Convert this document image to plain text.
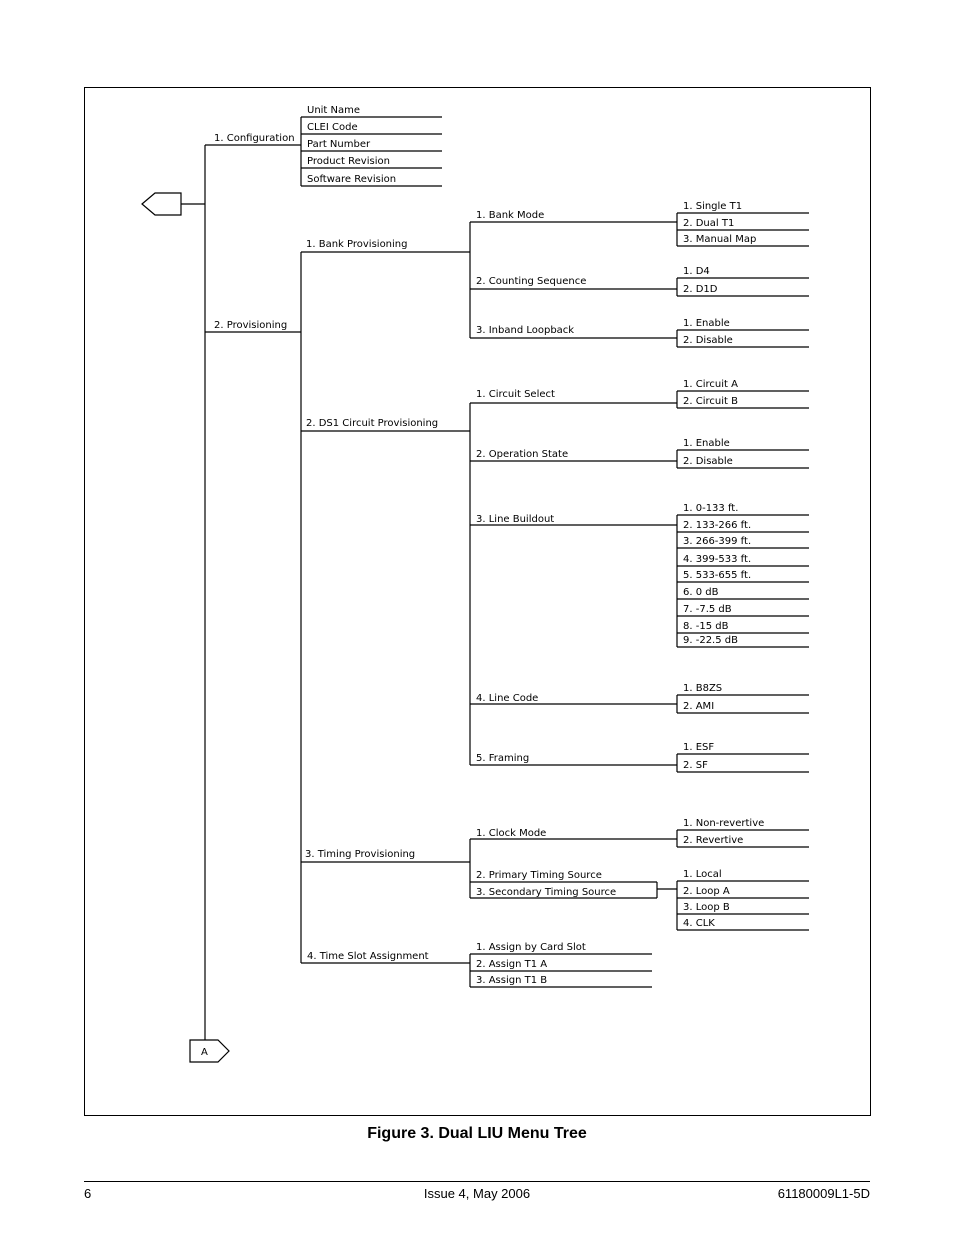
1. Configuration
Unit Name
CLEI Code
Part Number
Product Revision
Software Revision
2. Provisioning
1. Bank Provisioning
1. Bank Mode
1. Single T1
2. Dual T1
3. Manual Map
2. Counting Sequence
1. D4
2. D1D
3. Inband Loopback
1. Enable
2. Disable
2. DS1 Circuit Provisioning
1. Circuit Select
1. Circuit A
2. Circuit B
2. Operation State
1. Enable
2. Disable
3. Line Buildout
1. 0-133 ft.
2. 133-266 ft.
3. 266-399 ft.
4. 399-533 ft.
5. 533-655 ft.
6. 0 dB
7. -7.5 dB
8. -15 dB
9. -22.5 dB
4. Line Code
1. B8ZS
2. AMI
5. Framing
1. ESF
2. SF
3. Timing Provisioning
1. Clock Mode
1. Non-revertive
2. Revertive
2. Primary Timing Source
3. Secondary Timing Source
1. Local
2. Loop A
3. Loop B
4. CLK
4. Time Slot Assignment
1. Assign by Card Slot
2. Assign T1 A
3. Assign T1 B
A
Figure 3. Dual LIU Menu Tree
6	Issue 4, May 2006	61180009L1-5D
